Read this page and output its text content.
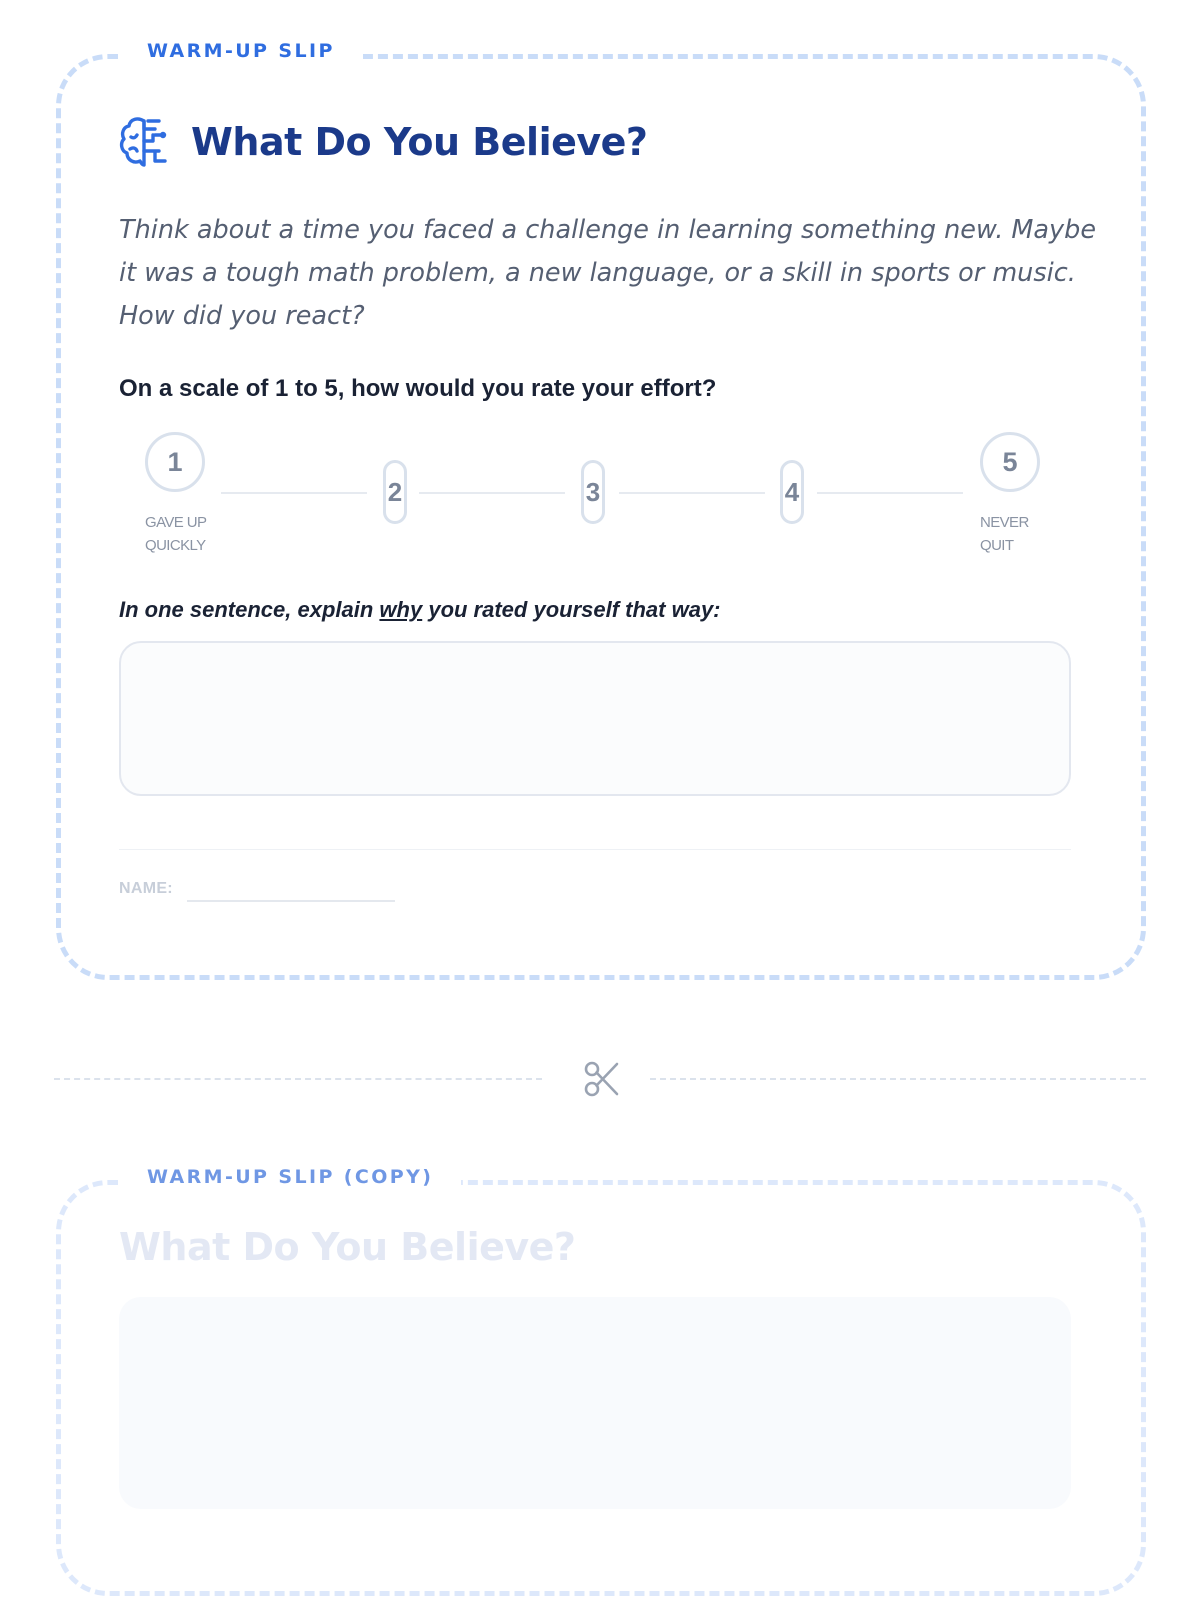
WARM-UP SLIP
What Do You Believe?
Think about a time you faced a challenge in learning something new. Maybe it was a tough math problem, a new language, or a skill in sports or music. How did you react?
On a scale of 1 to 5, how would you rate your effort?
1
2	3	4
5
GAVE UP QUICKLY
NEVER QUIT
In one sentence, explain why you rated yourself that way:
NAME:
WARM-UP SLIP (COPY)
What Do You Believe?
